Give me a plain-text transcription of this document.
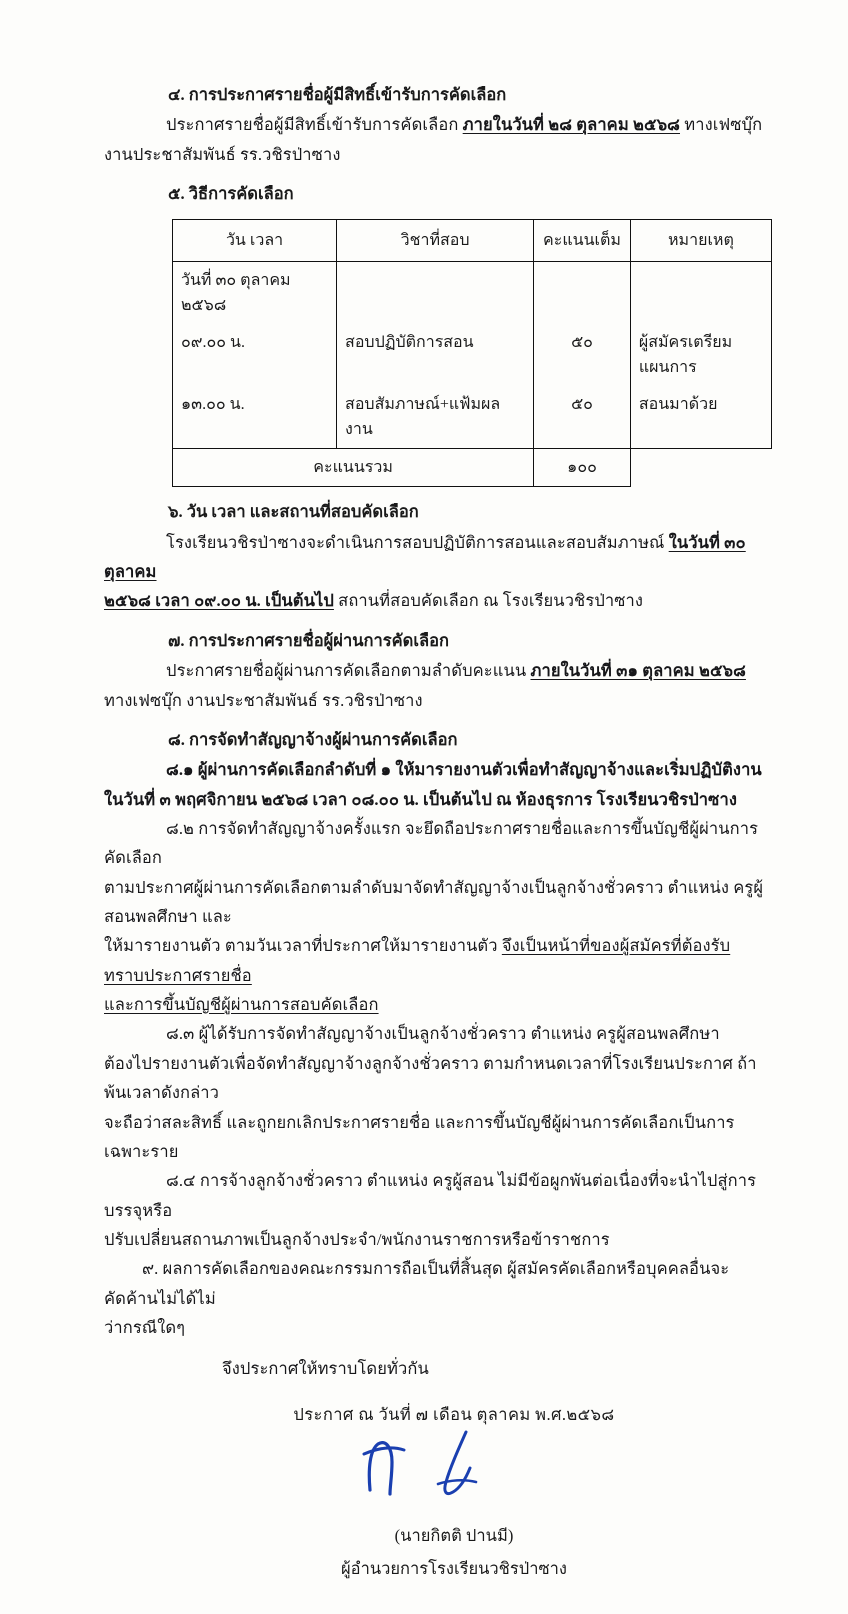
๔. การประกาศรายชื่อผู้มีสิทธิ์เข้ารับการคัดเลือก
ประกาศรายชื่อผู้มีสิทธิ์เข้ารับการคัดเลือก ภายในวันที่ ๒๘ ตุลาคม ๒๕๖๘ ทางเฟซบุ๊ก
งานประชาสัมพันธ์ รร.วชิรป่าซาง
๕. วิธีการคัดเลือก
วัน เวลา	วิชาที่สอบ	คะแนนเต็ม	หมายเหตุ
วันที่ ๓๐ ตุลาคม ๒๕๖๘			
๐๙.๐๐ น.	สอบปฏิบัติการสอน	๕๐	ผู้สมัครเตรียมแผนการ
๑๓.๐๐ น.	สอบสัมภาษณ์+แฟ้มผลงาน	๕๐	สอนมาด้วย
คะแนนรวม		๑๐๐	
๖. วัน เวลา และสถานที่สอบคัดเลือก
โรงเรียนวชิรป่าซางจะดำเนินการสอบปฏิบัติการสอนและสอบสัมภาษณ์ ในวันที่ ๓๐ ตุลาคม
๒๕๖๘ เวลา ๐๙.๐๐ น. เป็นต้นไป สถานที่สอบคัดเลือก ณ โรงเรียนวชิรป่าซาง
๗. การประกาศรายชื่อผู้ผ่านการคัดเลือก
ประกาศรายชื่อผู้ผ่านการคัดเลือกตามลำดับคะแนน ภายในวันที่ ๓๑ ตุลาคม ๒๕๖๘
ทางเฟซบุ๊ก งานประชาสัมพันธ์ รร.วชิรป่าซาง
๘. การจัดทำสัญญาจ้างผู้ผ่านการคัดเลือก
๘.๑ ผู้ผ่านการคัดเลือกลำดับที่ ๑ ให้มารายงานตัวเพื่อทำสัญญาจ้างและเริ่มปฏิบัติงาน
ในวันที่ ๓ พฤศจิกายน ๒๕๖๘ เวลา ๐๘.๐๐ น. เป็นต้นไป ณ ห้องธุรการ โรงเรียนวชิรป่าซาง
๘.๒ การจัดทำสัญญาจ้างครั้งแรก จะยึดถือประกาศรายชื่อและการขึ้นบัญชีผู้ผ่านการคัดเลือก
ตามประกาศผู้ผ่านการคัดเลือกตามลำดับมาจัดทำสัญญาจ้างเป็นลูกจ้างชั่วคราว ตำแหน่ง ครูผู้สอนพลศึกษา และ
ให้มารายงานตัว ตามวันเวลาที่ประกาศให้มารายงานตัว จึงเป็นหน้าที่ของผู้สมัครที่ต้องรับทราบประกาศรายชื่อ
และการขึ้นบัญชีผู้ผ่านการสอบคัดเลือก
๘.๓ ผู้ได้รับการจัดทำสัญญาจ้างเป็นลูกจ้างชั่วคราว ตำแหน่ง ครูผู้สอนพลศึกษา
ต้องไปรายงานตัวเพื่อจัดทำสัญญาจ้างลูกจ้างชั่วคราว ตามกำหนดเวลาที่โรงเรียนประกาศ ถ้าพ้นเวลาดังกล่าว
จะถือว่าสละสิทธิ์ และถูกยกเลิกประกาศรายชื่อ และการขึ้นบัญชีผู้ผ่านการคัดเลือกเป็นการเฉพาะราย
๘.๔ การจ้างลูกจ้างชั่วคราว ตำแหน่ง ครูผู้สอน ไม่มีข้อผูกพันต่อเนื่องที่จะนำไปสู่การบรรจุหรือ
ปรับเปลี่ยนสถานภาพเป็นลูกจ้างประจำ/พนักงานราชการหรือข้าราชการ
๙. ผลการคัดเลือกของคณะกรรมการถือเป็นที่สิ้นสุด ผู้สมัครคัดเลือกหรือบุคคลอื่นจะคัดค้านไม่ได้ไม่
ว่ากรณีใดๆ
จึงประกาศให้ทราบโดยทั่วกัน
ประกาศ ณ วันที่ ๗ เดือน ตุลาคม พ.ศ.๒๕๖๘
(นายกิตติ ปานมี)
ผู้อำนวยการโรงเรียนวชิรป่าซาง
